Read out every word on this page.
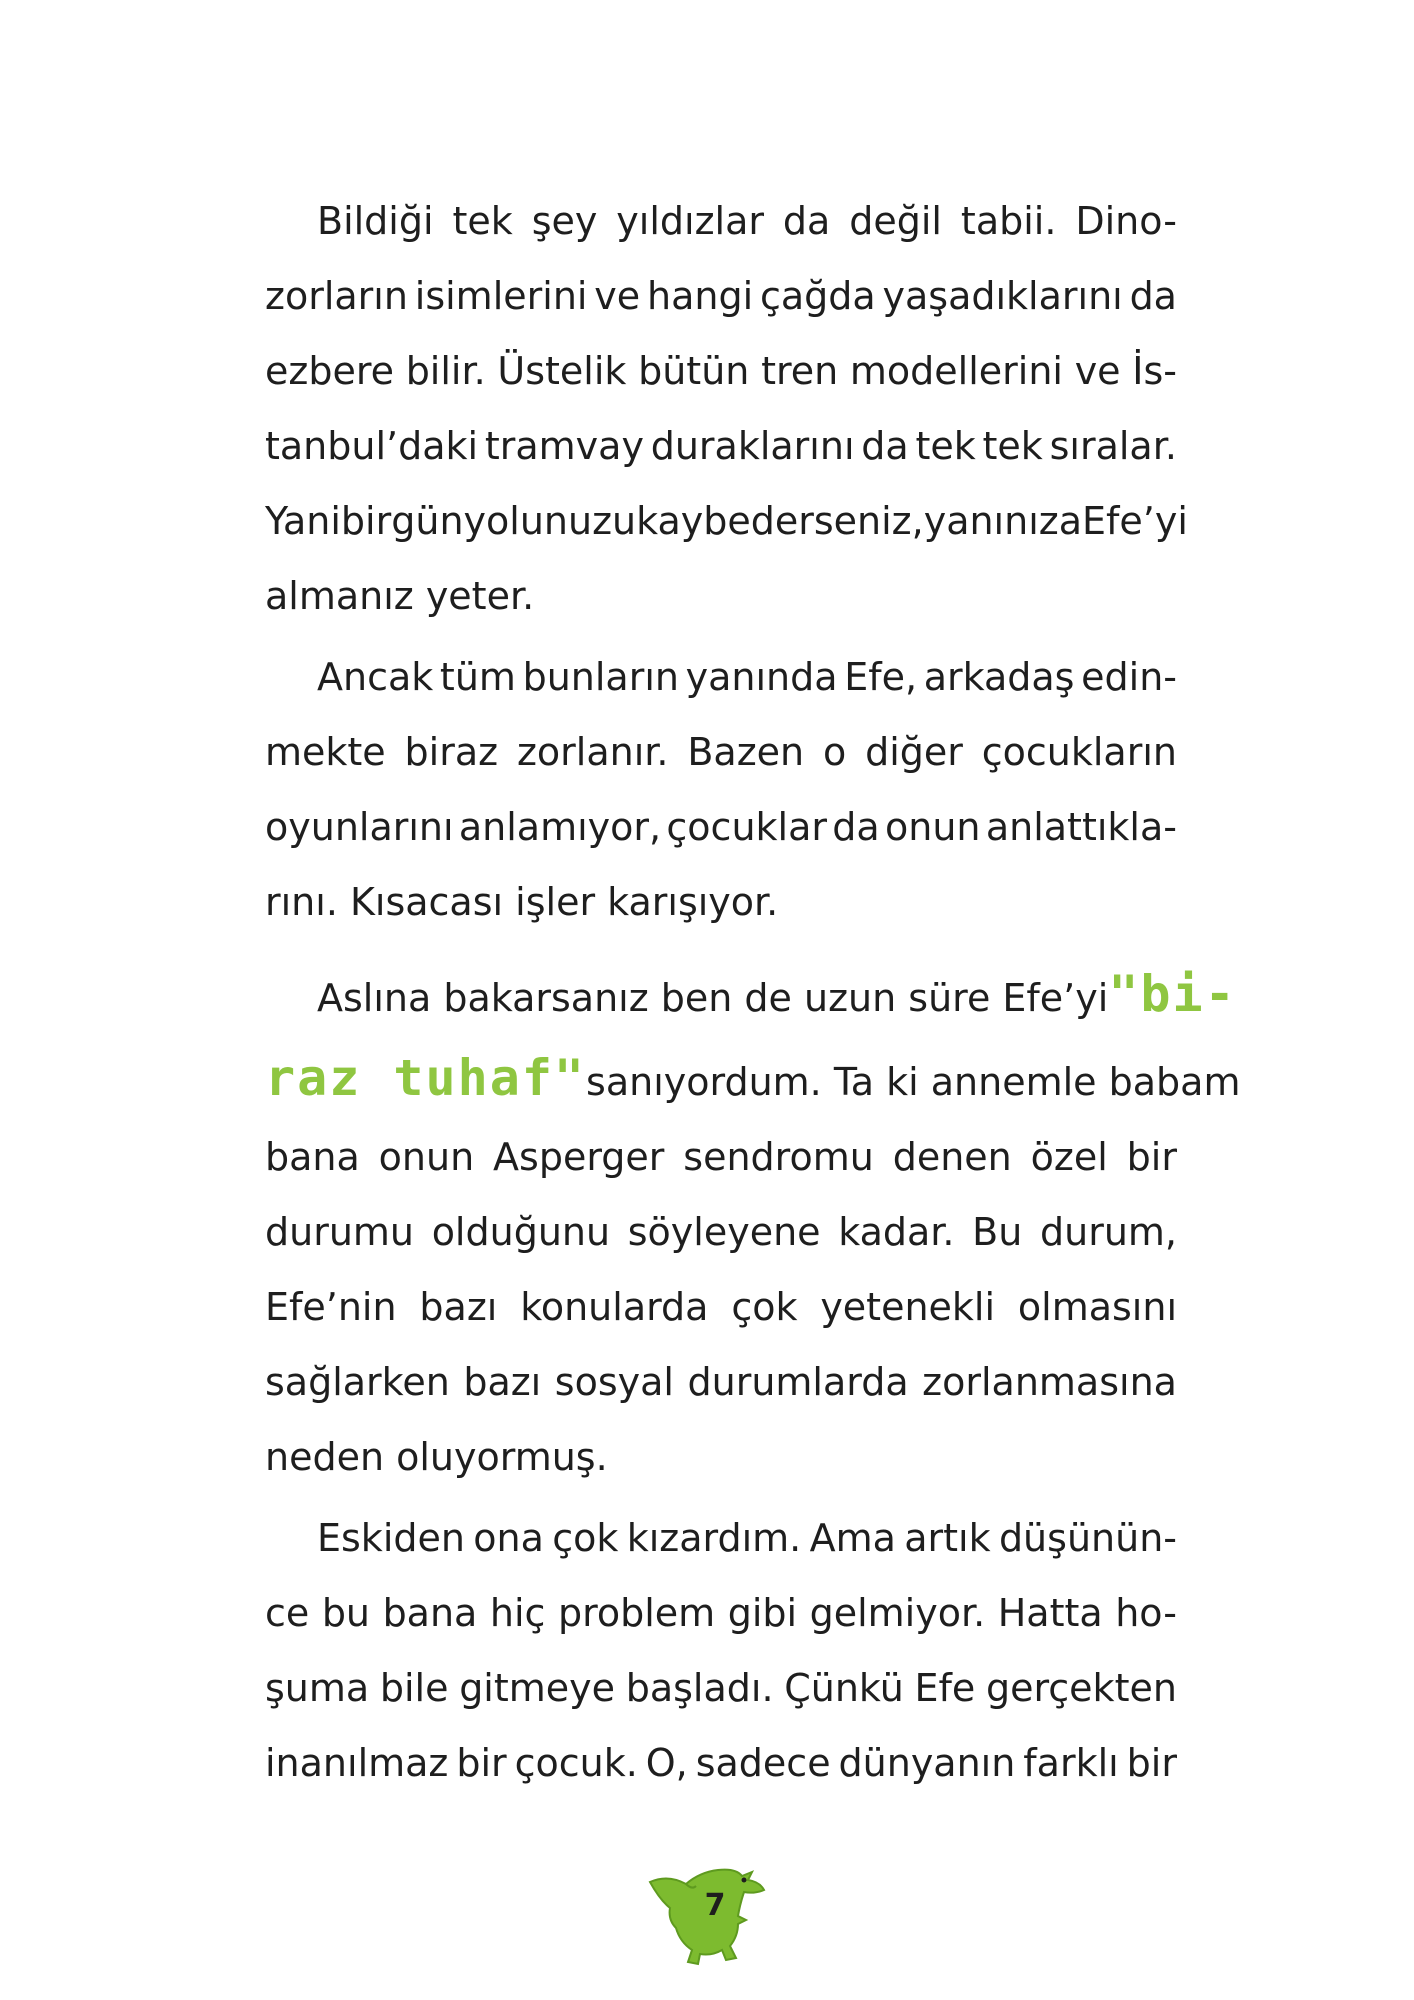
Bildiği tek şey yıldızlar da değil tabii. Dino-
zorların isimlerini ve hangi çağda yaşadıklarını da
ezbere bilir. Üstelik bütün tren modellerini ve İs-
tanbul’daki tramvay duraklarını da tek tek sıralar.
Yani bir gün yolunuzu kaybederseniz, yanınıza Efe’yi
almanız yeter.
Ancak tüm bunların yanında Efe, arkadaş edin-
mekte biraz zorlanır. Bazen o diğer çocukların
oyunlarını anlamıyor, çocuklar da onun anlattıkla-
rını. Kısacası işler karışıyor.
Aslına bakarsanız ben de uzun süre Efe’yi "bi-
raz tuhaf" sanıyordum. Ta ki annemle babam
bana onun Asperger sendromu denen özel bir
durumu olduğunu söyleyene kadar. Bu durum,
Efe’nin bazı konularda çok yetenekli olmasını
sağlarken bazı sosyal durumlarda zorlanmasına
neden oluyormuş.
Eskiden ona çok kızardım. Ama artık düşünün-
ce bu bana hiç problem gibi gelmiyor. Hatta ho-
şuma bile gitmeye başladı. Çünkü Efe gerçekten
inanılmaz bir çocuk. O, sadece dünyanın farklı bir
7
